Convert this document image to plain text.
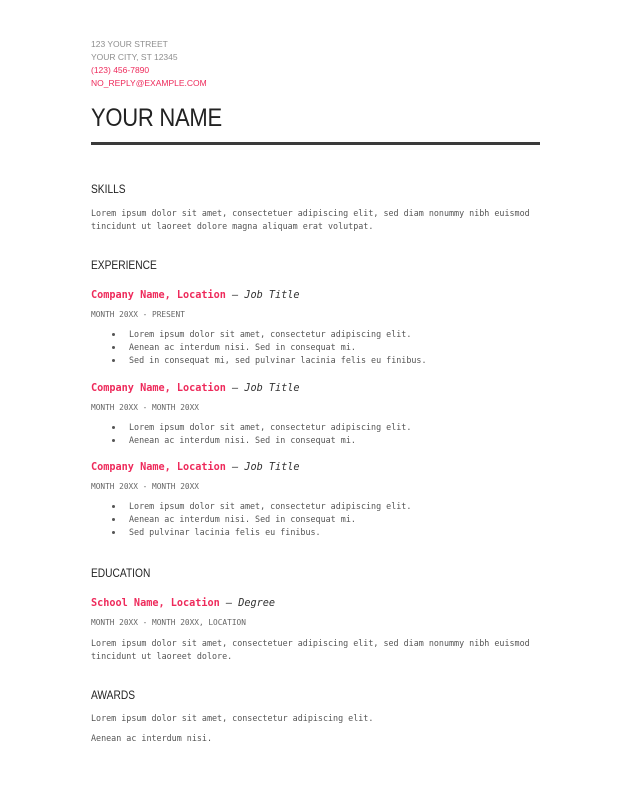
123 YOUR STREET
YOUR CITY, ST 12345
(123) 456-7890
NO_REPLY@EXAMPLE.COM
YOUR NAME
SKILLS
Lorem ipsum dolor sit amet, consectetuer adipiscing elit, sed diam nonummy nibh euismod tincidunt ut laoreet dolore magna aliquam erat volutpat.
EXPERIENCE
Company Name, Location — Job Title
MONTH 20XX - PRESENT
Lorem ipsum dolor sit amet, consectetur adipiscing elit.
Aenean ac interdum nisi. Sed in consequat mi.
Sed in consequat mi, sed pulvinar lacinia felis eu finibus.
Company Name, Location — Job Title
MONTH 20XX - MONTH 20XX
Lorem ipsum dolor sit amet, consectetur adipiscing elit.
Aenean ac interdum nisi. Sed in consequat mi.
Company Name, Location — Job Title
MONTH 20XX - MONTH 20XX
Lorem ipsum dolor sit amet, consectetur adipiscing elit.
Aenean ac interdum nisi. Sed in consequat mi.
Sed pulvinar lacinia felis eu finibus.
EDUCATION
School Name, Location — Degree
MONTH 20XX - MONTH 20XX, LOCATION
Lorem ipsum dolor sit amet, consectetuer adipiscing elit, sed diam nonummy nibh euismod tincidunt ut laoreet dolore.
AWARDS
Lorem ipsum dolor sit amet, consectetur adipiscing elit.
Aenean ac interdum nisi.
